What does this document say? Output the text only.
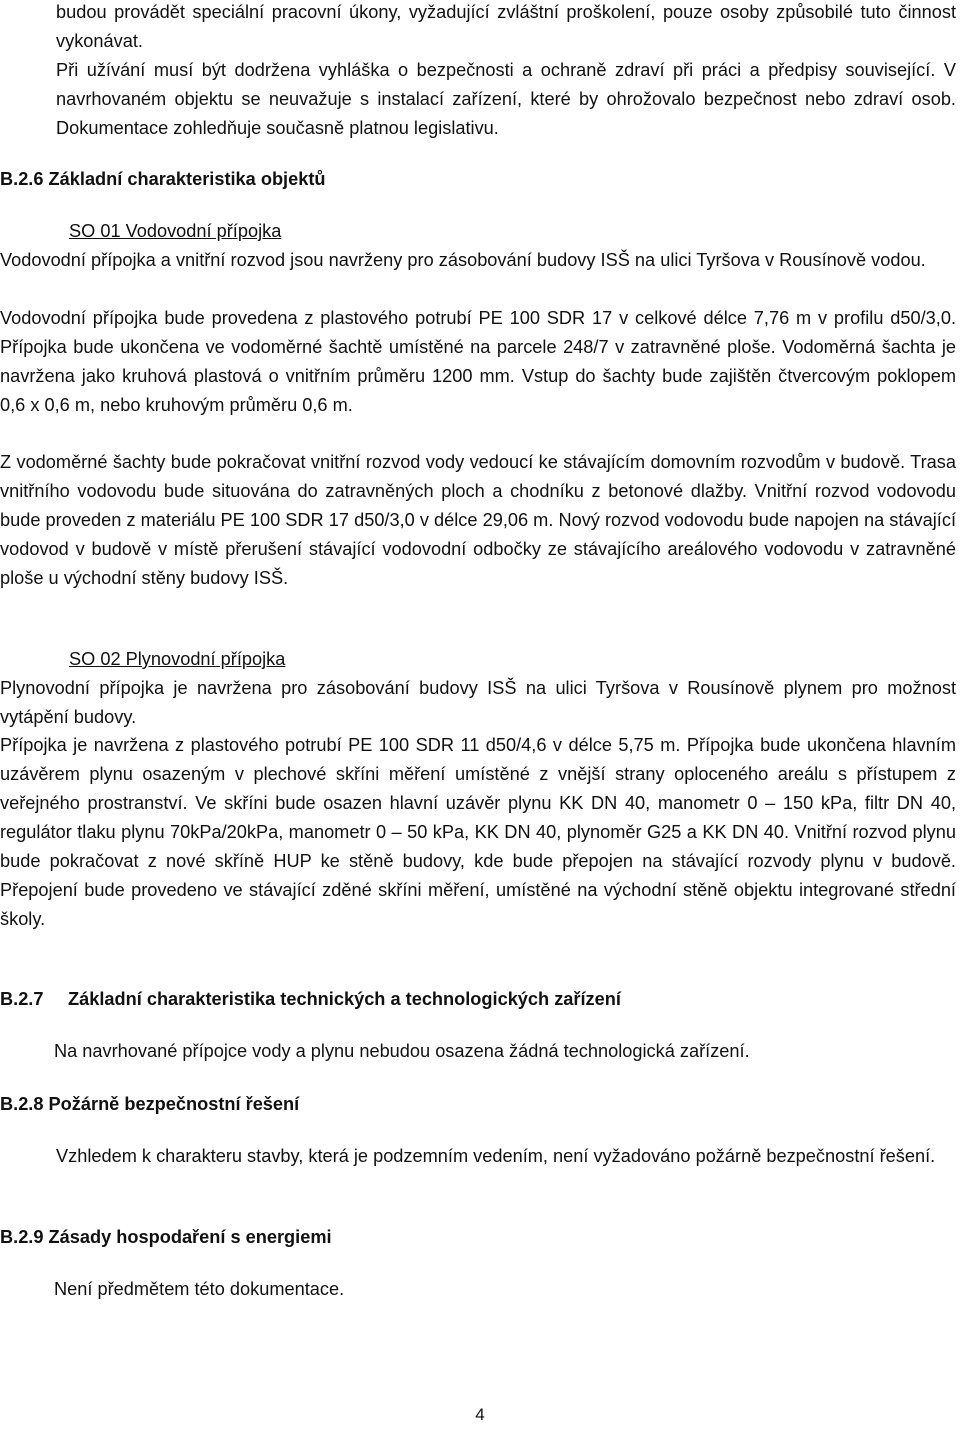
budou provádět speciální pracovní úkony, vyžadující zvláštní proškolení, pouze osoby způsobilé tuto činnost vykonávat.

Při užívání musí být dodržena vyhláška o bezpečnosti a ochraně zdraví při práci a předpisy související. V navrhovaném objektu se neuvažuje s instalací zařízení, které by ohrožovalo bezpečnost nebo zdraví osob. Dokumentace zohledňuje současně platnou legislativu.

B.2.6 Základní charakteristika objektů
SO 01 Vodovodní přípojka

Vodovodní přípojka a vnitřní rozvod jsou navrženy pro zásobování budovy ISŠ na ulici Tyršova v Rousínově vodou.

Vodovodní přípojka bude provedena z plastového potrubí PE 100 SDR 17 v celkové délce 7,76 m v profilu d50/3,0. Přípojka bude ukončena ve vodoměrné šachtě umístěné na parcele 248/7 v zatravněné ploše. Vodoměrná šachta je navržena jako kruhová plastová o vnitřním průměru 1200 mm. Vstup do šachty bude zajištěn čtvercovým poklopem 0,6 x 0,6 m, nebo kruhovým průměru 0,6 m.

Z vodoměrné šachty bude pokračovat vnitřní rozvod vody vedoucí ke stávajícím domovním rozvodům v budově. Trasa vnitřního vodovodu bude situována do zatravněných ploch a chodníku z betonové dlažby. Vnitřní rozvod vodovodu bude proveden z materiálu PE 100 SDR 17 d50/3,0 v délce 29,06 m. Nový rozvod vodovodu bude napojen na stávající vodovod v budově v místě přerušení stávající vodovodní odbočky ze stávajícího areálového vodovodu v zatravněné ploše u východní stěny budovy ISŠ.

SO 02 Plynovodní přípojka

Plynovodní přípojka je navržena pro zásobování budovy ISŠ na ulici Tyršova v Rousínově plynem pro možnost vytápění budovy.

Přípojka je navržena z plastového potrubí PE 100 SDR 11 d50/4,6 v délce 5,75 m. Přípojka bude ukončena hlavním uzávěrem plynu osazeným v plechové skříni měření umístěné z vnější strany oploceného areálu s přístupem z veřejného prostranství. Ve skříni bude osazen hlavní uzávěr plynu KK DN 40, manometr 0 – 150 kPa, filtr DN 40, regulátor tlaku plynu 70kPa/20kPa, manometr 0 – 50 kPa, KK DN 40, plynoměr G25 a KK DN 40. Vnitřní rozvod plynu bude pokračovat z nové skříně HUP ke stěně budovy, kde bude přepojen na stávající rozvody plynu v budově. Přepojení bude provedeno ve stávající zděné skříni měření, umístěné na východní stěně objektu integrované střední školy.

B.2.7 Základní charakteristika technických a technologických zařízení

Na navrhované přípojce vody a plynu nebudou osazena žádná technologická zařízení.

B.2.8 Požárně bezpečnostní řešení

Vzhledem k charakteru stavby, která je podzemním vedením, není vyžadováno požárně bezpečnostní řešení.

B.2.9 Zásady hospodaření s energiemi

Není předmětem této dokumentace.

4
